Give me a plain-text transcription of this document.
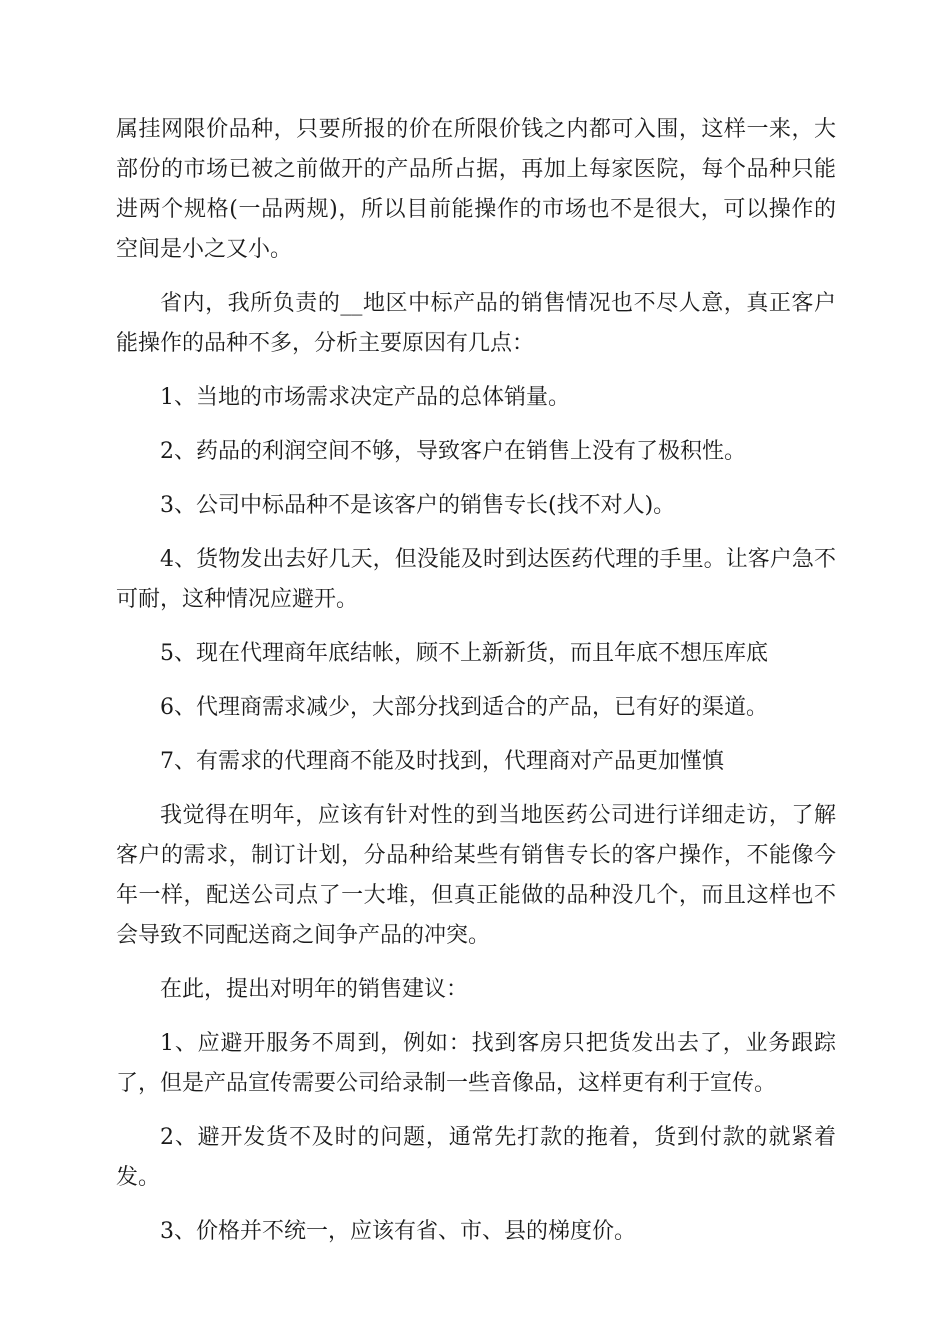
属挂网限价品种，只要所报的价在所限价钱之内都可入围，这样一来，大部份的市场已被之前做开的产品所占据，再加上每家医院，每个品种只能进两个规格(一品两规)，所以目前能操作的市场也不是很大，可以操作的空间是小之又小。

省内，我所负责的__地区中标产品的销售情况也不尽人意，真正客户能操作的品种不多，分析主要原因有几点：

1、当地的市场需求决定产品的总体销量。

2、药品的利润空间不够，导致客户在销售上没有了极积性。

3、公司中标品种不是该客户的销售专长(找不对人)。

4、货物发出去好几天，但没能及时到达医药代理的手里。让客户急不可耐，这种情况应避开。

5、现在代理商年底结帐，顾不上新新货，而且年底不想压库底

6、代理商需求减少，大部分找到适合的产品，已有好的渠道。

7、有需求的代理商不能及时找到，代理商对产品更加慬慎

我觉得在明年，应该有针对性的到当地医药公司进行详细走访，了解客户的需求，制订计划，分品种给某些有销售专长的客户操作，不能像今年一样，配送公司点了一大堆，但真正能做的品种没几个，而且这样也不会导致不同配送商之间争产品的冲突。

在此，提出对明年的销售建议：

1、应避开服务不周到，例如：找到客房只把货发出去了，业务跟踪了，但是产品宣传需要公司给录制一些音像品，这样更有利于宣传。

2、避开发货不及时的问题，通常先打款的拖着，货到付款的就紧着发。

3、价格并不统一，应该有省、市、县的梯度价。
